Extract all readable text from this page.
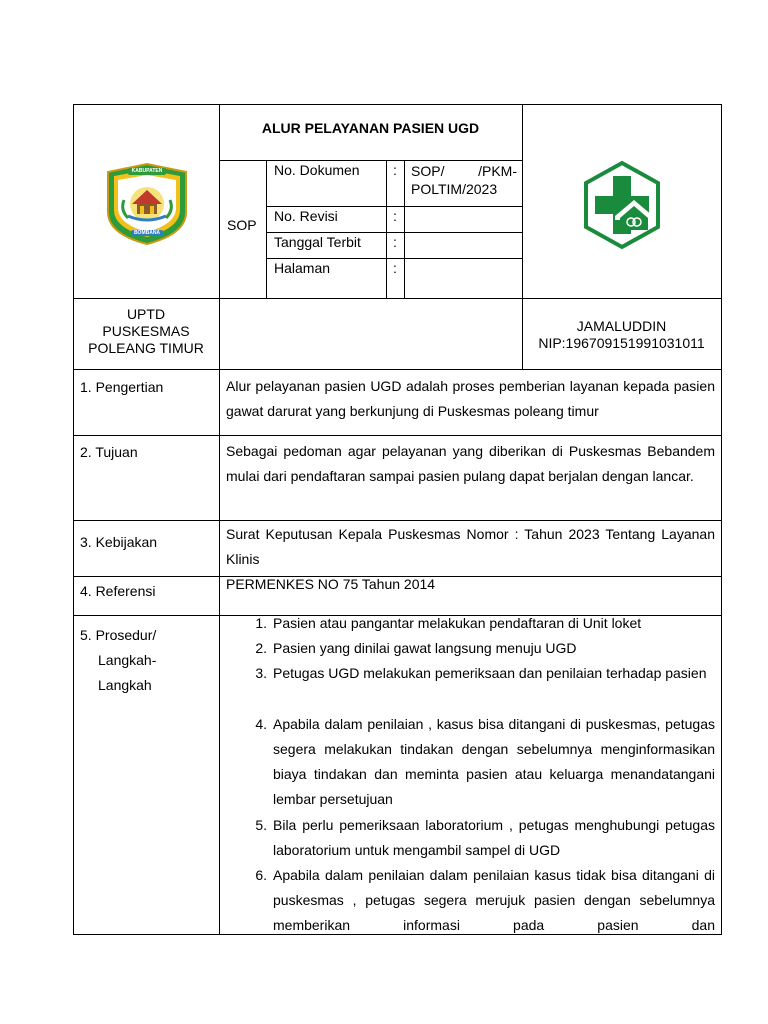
ALUR PELAYANAN PASIEN UGD
SOP
No. Dokumen : SOP/ /PKM-POLTIM/2023
No. Revisi	:
Tanggal Terbit :
Halaman	:
KABUPATEN
BOMBANA
UPTD
PUSKESMAS
POLEANG TIMUR
JAMALUDDIN
NIP:196709151991031011
1. Pengertian	Alur pelayanan pasien UGD adalah proses pemberian layanan kepada pasien gawat darurat yang berkunjung di Puskesmas poleang timur
2. Tujuan	Sebagai pedoman agar pelayanan yang diberikan di Puskesmas Bebandem mulai dari pendaftaran sampai pasien pulang dapat berjalan dengan lancar.
3. Kebijakan	Surat Keputusan Kepala Puskesmas Nomor : Tahun 2023 Tentang Layanan Klinis
4. Referensi	PERMENKES NO 75 Tahun 2014
5. Prosedur/
Langkah-
Langkah
1. Pasien atau pangantar melakukan pendaftaran di Unit loket
2. Pasien yang dinilai gawat langsung menuju UGD
3. Petugas UGD melakukan pemeriksaan dan penilaian terhadap pasien
4. Apabila dalam penilaian , kasus bisa ditangani di puskesmas, petugas segera melakukan tindakan dengan sebelumnya menginformasikan biaya tindakan dan meminta pasien atau keluarga menandatangani lembar persetujuan
5. Bila perlu pemeriksaan laboratorium , petugas menghubungi petugas laboratorium untuk mengambil sampel di UGD
6. Apabila dalam penilaian dalam penilaian kasus tidak bisa ditangani di puskesmas , petugas segera merujuk pasien dengan sebelumnya memberikan informasi pada pasien dan
